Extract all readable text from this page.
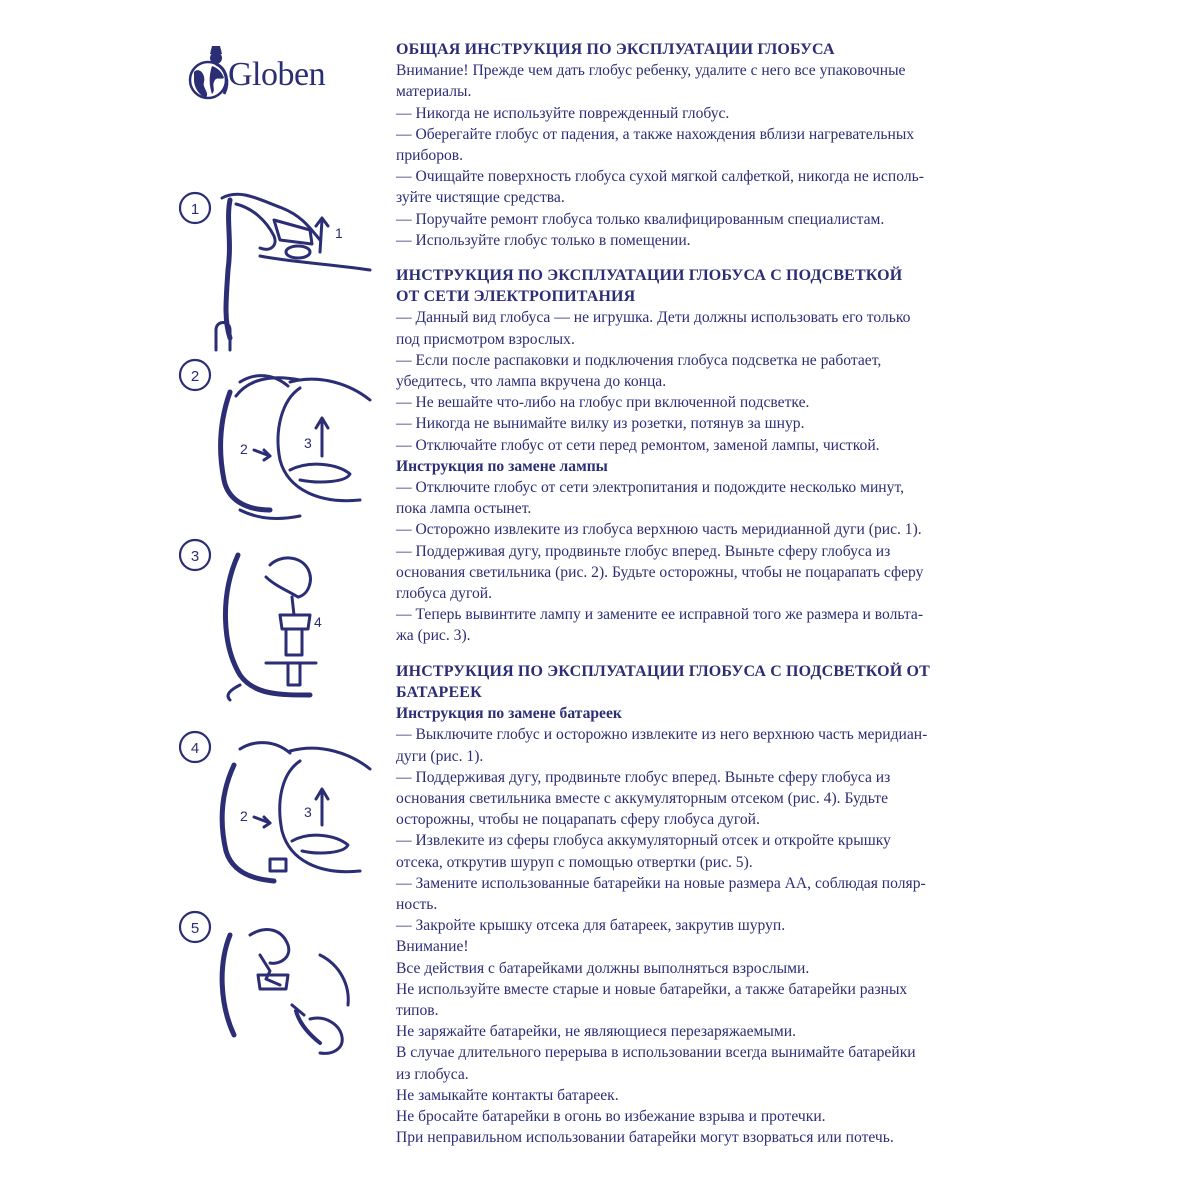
Globen
1
1
2
2	3
3
4
4
2	3
5

ОБЩАЯ ИНСТРУКЦИЯ ПО ЭКСПЛУАТАЦИИ ГЛОБУСА

Внимание! Прежде чем дать глобус ребенку, удалите с него все упаковочные

материалы.

— Никогда не используйте поврежденный глобус.

— Оберегайте глобус от падения, а также нахождения вблизи нагревательных

приборов.

— Очищайте поверхность глобуса сухой мягкой салфеткой, никогда не исполь-

зуйте чистящие средства.

— Поручайте ремонт глобуса только квалифицированным специалистам.

— Используйте глобус только в помещении.

ИНСТРУКЦИЯ ПО ЭКСПЛУАТАЦИИ ГЛОБУСА С ПОДСВЕТКОЙ

ОТ СЕТИ ЭЛЕКТРОПИТАНИЯ

— Данный вид глобуса — не игрушка. Дети должны использовать его только

под присмотром взрослых.

— Если после распаковки и подключения глобуса подсветка не работает,

убедитесь, что лампа вкручена до конца.

— Не вешайте что-либо на глобус при включенной подсветке.

— Никогда не вынимайте вилку из розетки, потянув за шнур.

— Отключайте глобус от сети перед ремонтом, заменой лампы, чисткой.

Инструкция по замене лампы

— Отключите глобус от сети электропитания и подождите несколько минут,

пока лампа остынет.

— Осторожно извлеките из глобуса верхнюю часть меридианной дуги (рис. 1).

— Поддерживая дугу, продвиньте глобус вперед. Выньте сферу глобуса из

основания светильника (рис. 2). Будьте осторожны, чтобы не поцарапать сферу

глобуса дугой.

— Теперь вывинтите лампу и замените ее исправной того же размера и вольта-

жа (рис. 3).

ИНСТРУКЦИЯ ПО ЭКСПЛУАТАЦИИ ГЛОБУСА С ПОДСВЕТКОЙ ОТ

БАТАРЕЕК

Инструкция по замене батареек

— Выключите глобус и осторожно извлеките из него верхнюю часть меридиан-

дуги (рис. 1).

— Поддерживая дугу, продвиньте глобус вперед. Выньте сферу глобуса из

основания светильника вместе с аккумуляторным отсеком (рис. 4). Будьте

осторожны, чтобы не поцарапать сферу глобуса дугой.

— Извлеките из сферы глобуса аккумуляторный отсек и откройте крышку

отсека, открутив шуруп с помощью отвертки (рис. 5).

— Замените использованные батарейки на новые размера АА, соблюдая поляр-

ность.

— Закройте крышку отсека для батареек, закрутив шуруп.

Внимание!

Все действия с батарейками должны выполняться взрослыми.

Не используйте вместе старые и новые батарейки, а также батарейки разных

типов.

Не заряжайте батарейки, не являющиеся перезаряжаемыми.

В случае длительного перерыва в использовании всегда вынимайте батарейки

из глобуса.

Не замыкайте контакты батареек.

Не бросайте батарейки в огонь во избежание взрыва и протечки.

При неправильном использовании батарейки могут взорваться или потечь.
